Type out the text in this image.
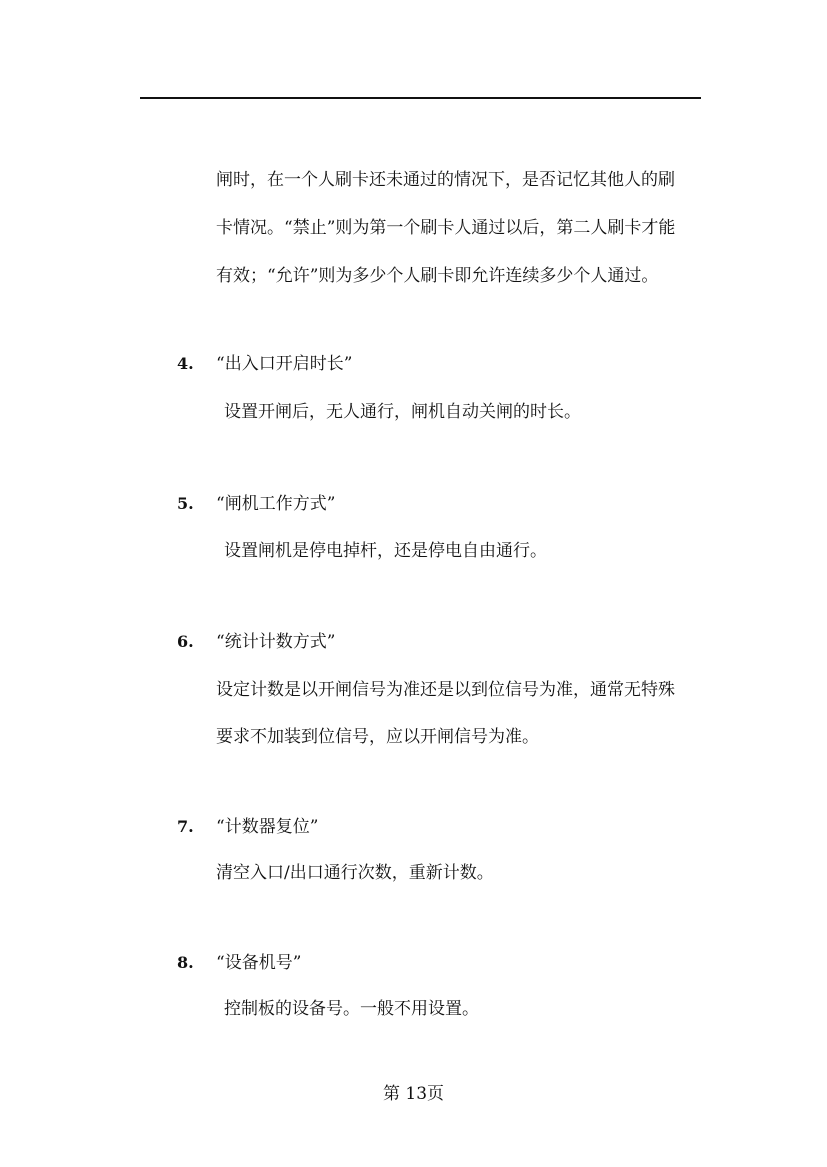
闸时，在一个人刷卡还未通过的情况下，是否记忆其他人的刷
卡情况。“禁止”则为第一个刷卡人通过以后，第二人刷卡才能
有效；“允许”则为多少个人刷卡即允许连续多少个人通过。
4. “出入口开启时长”
设置开闸后，无人通行，闸机自动关闸的时长。
5. “闸机工作方式”
设置闸机是停电掉杆，还是停电自由通行。
6. “统计计数方式”
设定计数是以开闸信号为准还是以到位信号为准，通常无特殊
要求不加装到位信号，应以开闸信号为准。
7. “计数器复位”
清空入口/出口通行次数，重新计数。
8. “设备机号”
控制板的设备号。一般不用设置。
第 13页
